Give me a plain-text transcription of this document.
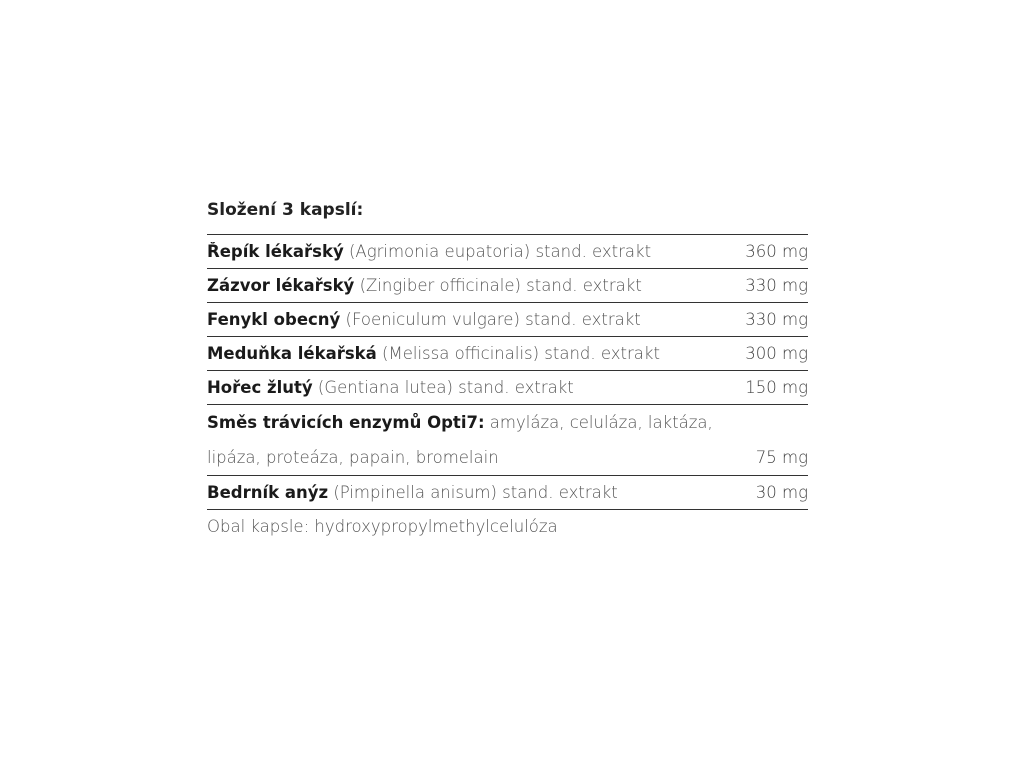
Složení 3 kapslí:
Řepík lékařský (Agrimonia eupatoria) stand. extrakt	360 mg
Zázvor lékařský (Zingiber officinale) stand. extrakt	330 mg
Fenykl obecný (Foeniculum vulgare) stand. extrakt	330 mg
Meduňka lékařská (Melissa officinalis) stand. extrakt	300 mg
Hořec žlutý (Gentiana lutea) stand. extrakt	150 mg
Směs trávicích enzymů Opti7: amyláza, celuláza, laktáza,
lipáza, proteáza, papain, bromelain	75 mg
Bedrník anýz (Pimpinella anisum) stand. extrakt	30 mg
Obal kapsle: hydroxypropylmethylcelulóza
